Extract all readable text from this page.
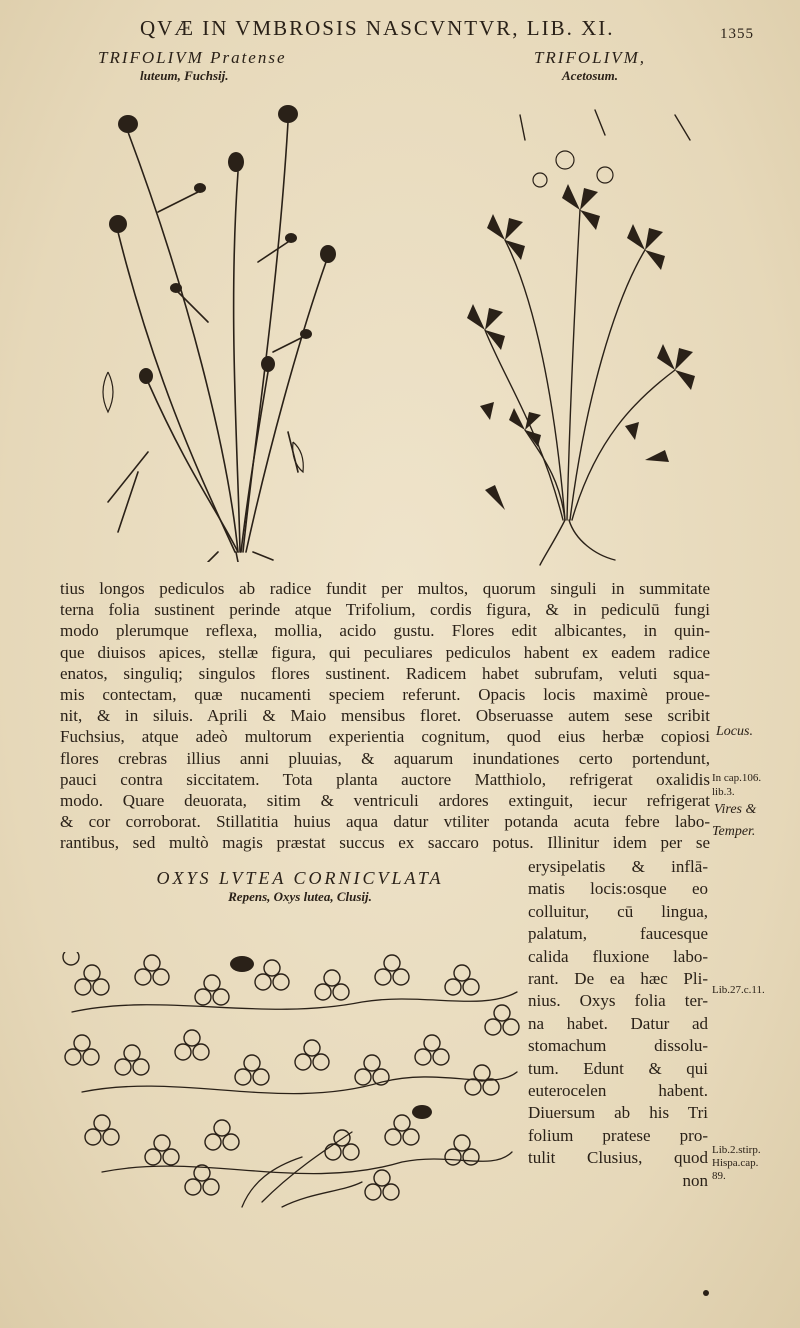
QVÆ IN VMBROSIS NASCVNTVR, LIB. XI.	1355
TRIFOLIVM Pratense
luteum, Fuchsij.
TRIFOLIVM,
Acetosum.
OXYS LVTEA CORNICVLATA
Repens, Oxys lutea, Clusij.
tius longos pediculos ab radice fundit per multos, quorum singuli in summitate
terna folia sustinent perinde atque Trifolium, cordis figura, & in pediculū fungi
modo plerumque reflexa, mollia, acido gustu. Flores edit albicantes, in quin-
que diuisos apices, stellæ figura, qui peculiares pediculos habent ex eadem radice
enatos, singuliq; singulos flores sustinent. Radicem habet subrufam, veluti squa-
mis contectam, quæ nucamenti speciem referunt. Opacis locis maximè proue-
nit, & in siluis. Aprili & Maio mensibus floret. Obseruasse autem sese scribit
Fuchsius, atque adeò multorum experientia cognitum, quod eius herbæ copiosi
flores crebras illius anni pluuias, & aquarum inundationes certo portendunt,
pauci contra siccitatem. Tota planta auctore Matthiolo, refrigerat oxalidis
modo. Quare deuorata, sitim & ventriculi ardores extinguit, iecur refrigerat
& cor corroborat. Stillatitia huius aqua datur vtiliter potanda acuta febre labo-
rantibus, sed multò magis præstat succus ex saccaro potus. Illinitur idem per se
erysipelatis & inflā-
matis locis:osque eo
colluitur, cū lingua,
palatum, faucesque
calida fluxione labo-
rant. De ea hæc Pli-
nius. Oxys folia ter-
na habet. Datur ad
stomachum dissolu-
tum. Edunt & qui
euterocelen habent.
Diuersum ab his Tri
folium pratese pro-
tulit Clusius, quod
non
Locus.
In cap.106.
lib.3.
Vires &
Temper.
Lib.27.c.11.
Lib.2.stirp.
Hispa.cap.
89.
